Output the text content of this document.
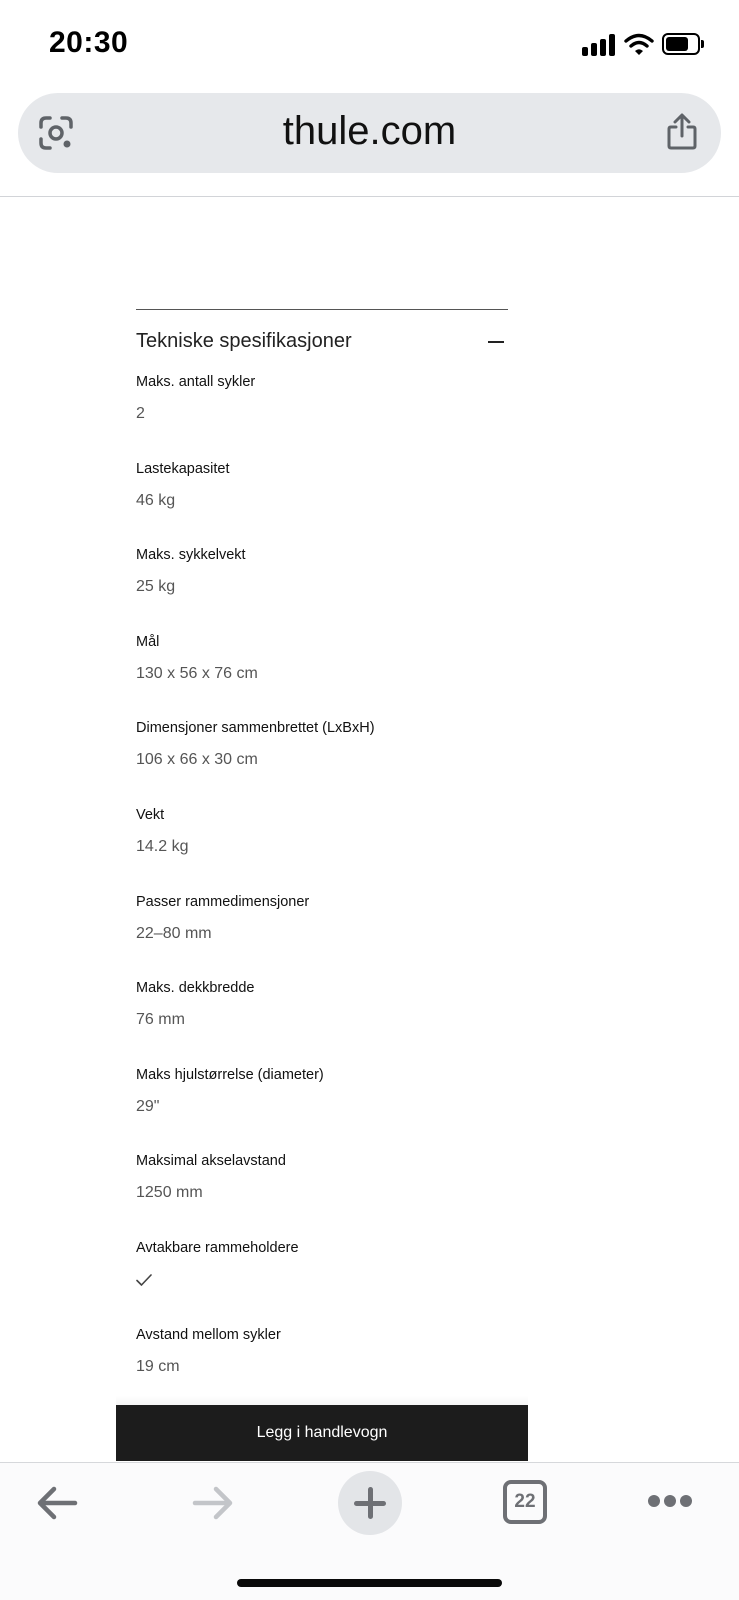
20:30
thule.com
Tekniske spesifikasjoner
Maks. antall sykler
2
Lastekapasitet
46 kg
Maks. sykkelvekt
25 kg
Mål
130 x 56 x 76 cm
Dimensjoner sammenbrettet (LxBxH)
106 x 66 x 30 cm
Vekt
14.2 kg
Passer rammedimensjoner
22–80 mm
Maks. dekkbredde
76 mm
Maks hjulstørrelse (diameter)
29"
Maksimal akselavstand
1250 mm
Avtakbare rammeholdere
Avstand mellom sykler
19 cm
Legg i handlevogn
22
